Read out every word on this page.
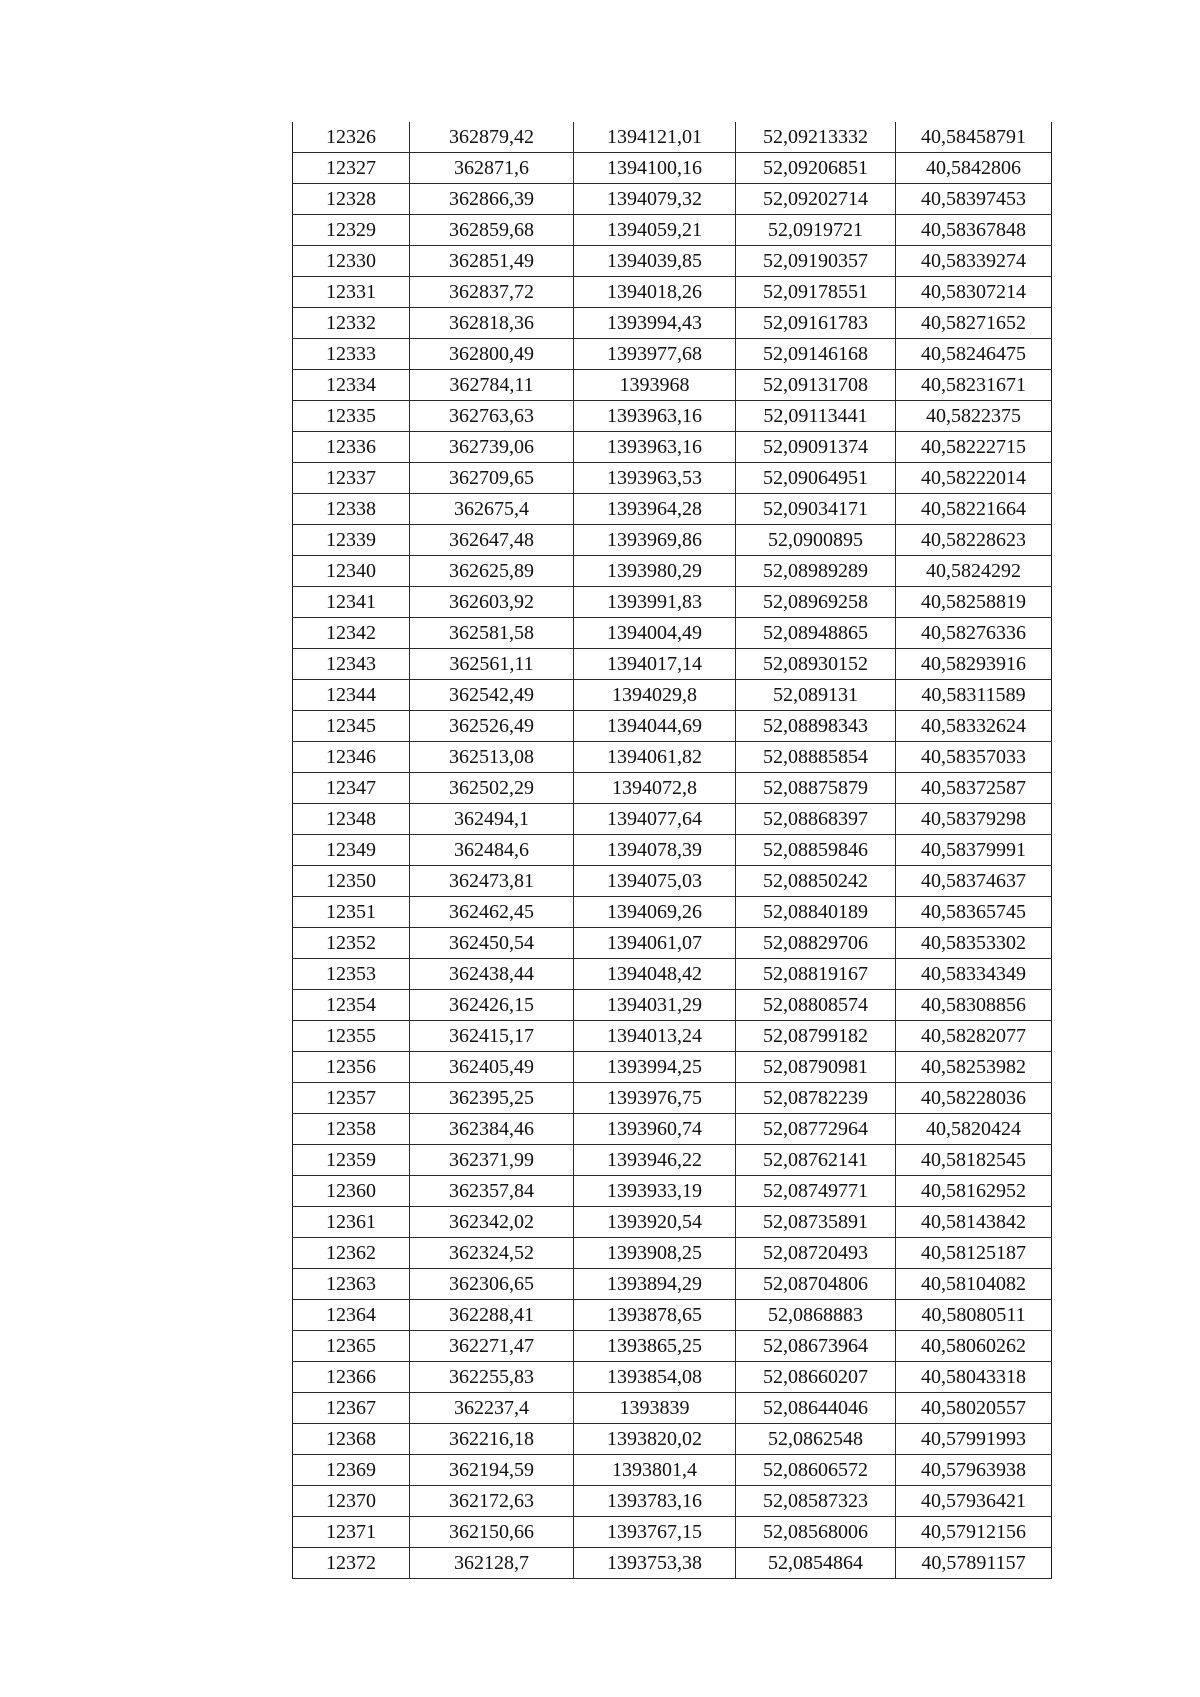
12326	362879,42	1394121,01	52,09213332	40,58458791
12327	362871,6	1394100,16	52,09206851	40,5842806
12328	362866,39	1394079,32	52,09202714	40,58397453
12329	362859,68	1394059,21	52,0919721	40,58367848
12330	362851,49	1394039,85	52,09190357	40,58339274
12331	362837,72	1394018,26	52,09178551	40,58307214
12332	362818,36	1393994,43	52,09161783	40,58271652
12333	362800,49	1393977,68	52,09146168	40,58246475
12334	362784,11	1393968	52,09131708	40,58231671
12335	362763,63	1393963,16	52,09113441	40,5822375
12336	362739,06	1393963,16	52,09091374	40,58222715
12337	362709,65	1393963,53	52,09064951	40,58222014
12338	362675,4	1393964,28	52,09034171	40,58221664
12339	362647,48	1393969,86	52,0900895	40,58228623
12340	362625,89	1393980,29	52,08989289	40,5824292
12341	362603,92	1393991,83	52,08969258	40,58258819
12342	362581,58	1394004,49	52,08948865	40,58276336
12343	362561,11	1394017,14	52,08930152	40,58293916
12344	362542,49	1394029,8	52,089131	40,58311589
12345	362526,49	1394044,69	52,08898343	40,58332624
12346	362513,08	1394061,82	52,08885854	40,58357033
12347	362502,29	1394072,8	52,08875879	40,58372587
12348	362494,1	1394077,64	52,08868397	40,58379298
12349	362484,6	1394078,39	52,08859846	40,58379991
12350	362473,81	1394075,03	52,08850242	40,58374637
12351	362462,45	1394069,26	52,08840189	40,58365745
12352	362450,54	1394061,07	52,08829706	40,58353302
12353	362438,44	1394048,42	52,08819167	40,58334349
12354	362426,15	1394031,29	52,08808574	40,58308856
12355	362415,17	1394013,24	52,08799182	40,58282077
12356	362405,49	1393994,25	52,08790981	40,58253982
12357	362395,25	1393976,75	52,08782239	40,58228036
12358	362384,46	1393960,74	52,08772964	40,5820424
12359	362371,99	1393946,22	52,08762141	40,58182545
12360	362357,84	1393933,19	52,08749771	40,58162952
12361	362342,02	1393920,54	52,08735891	40,58143842
12362	362324,52	1393908,25	52,08720493	40,58125187
12363	362306,65	1393894,29	52,08704806	40,58104082
12364	362288,41	1393878,65	52,0868883	40,58080511
12365	362271,47	1393865,25	52,08673964	40,58060262
12366	362255,83	1393854,08	52,08660207	40,58043318
12367	362237,4	1393839	52,08644046	40,58020557
12368	362216,18	1393820,02	52,0862548	40,57991993
12369	362194,59	1393801,4	52,08606572	40,57963938
12370	362172,63	1393783,16	52,08587323	40,57936421
12371	362150,66	1393767,15	52,08568006	40,57912156
12372	362128,7	1393753,38	52,0854864	40,57891157
